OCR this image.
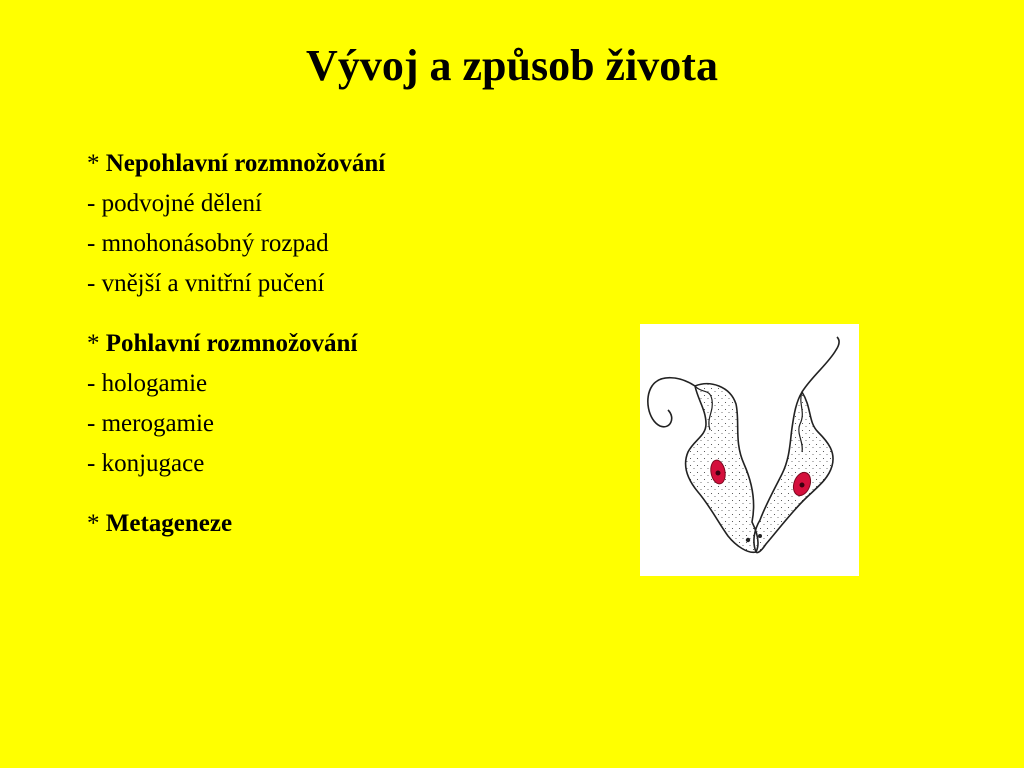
Vývoj a způsob života

* Nepohlavní rozmnožování

- podvojné dělení

- mnohonásobný rozpad

- vnější a vnitřní pučení

* Pohlavní rozmnožování

- hologamie

- merogamie

- konjugace

* Metageneze
